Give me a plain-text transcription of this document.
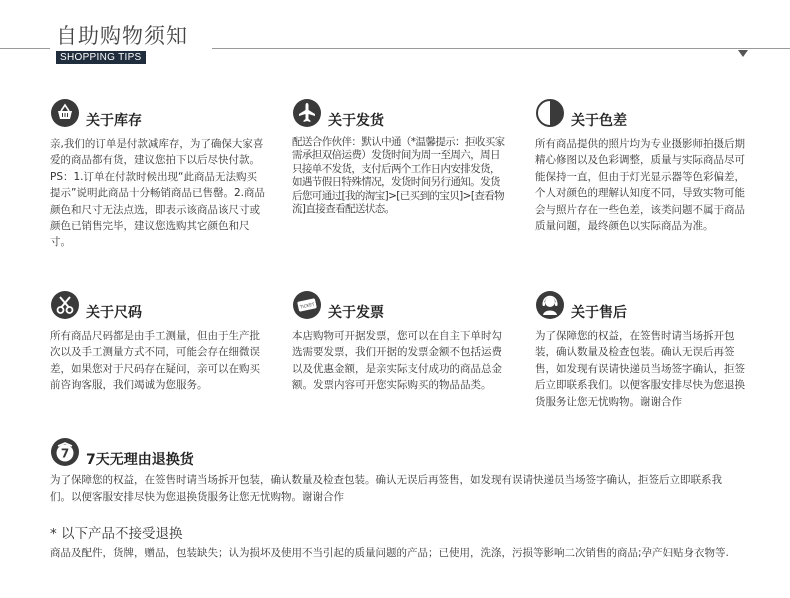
自助购物须知
SHOPPING TIPS
关于库存
亲,我们的订单是付款减库存，为了确保大家喜爱的商品都有货，建议您拍下以后尽快付款。PS：1.订单在付款时候出现“此商品无法购买提示”说明此商品十分畅销商品已售罄。2.商品颜色和尺寸无法点选，即表示该商品该尺寸或颜色已销售完毕，建议您选购其它颜色和尺寸。
关于发货
配送合作伙伴：默认中通（*温馨提示：拒收买家需承担双倍运费）发货时间为周一至周六，周日只接单不发货，支付后两个工作日内安排发货，如遇节假日特殊情况，发货时间另行通知。发货后您可通过[我的淘宝]>[已买到的宝贝]>[查看物流]直接查看配送状态。
关于色差
所有商品提供的照片均为专业摄影师拍摄后期精心修图以及色彩调整，质量与实际商品尽可能保持一直，但由于灯光显示器等色彩偏差，个人对颜色的理解认知度不同，导致实物可能会与照片存在一些色差，该类问题不属于商品质量问题，最终颜色以实际商品为准。
关于尺码
所有商品尺码都是由手工测量，但由于生产批次以及手工测量方式不同，可能会存在细微误差，如果您对于尺码存在疑问，亲可以在购买前咨询客服，我们竭诚为您服务。
TICKET 关于发票
本店购物可开据发票，您可以在自主下单时勾选需要发票，我们开据的发票金额不包括运费以及优惠金额，是亲实际支付成功的商品总金额。发票内容可开您实际购买的物品品类。
关于售后
为了保障您的权益，在签售时请当场拆开包装，确认数量及检查包装。确认无误后再签售，如发现有误请快递员当场签字确认，拒签后立即联系我们。以便客服安排尽快为您退换货服务让您无忧购物。谢谢合作
7 7天无理由退换货
为了保障您的权益，在签售时请当场拆开包装，确认数量及检查包装。确认无误后再签售，如发现有误请快递员当场签字确认，拒签后立即联系我们。以便客服安排尽快为您退换货服务让您无忧购物。谢谢合作
* 以下产品不接受退换
商品及配件，货牌，赠品，包装缺失；认为损坏及使用不当引起的质量问题的产品；已使用，洗涤，污损等影响二次销售的商品;孕产妇贴身衣物等.
